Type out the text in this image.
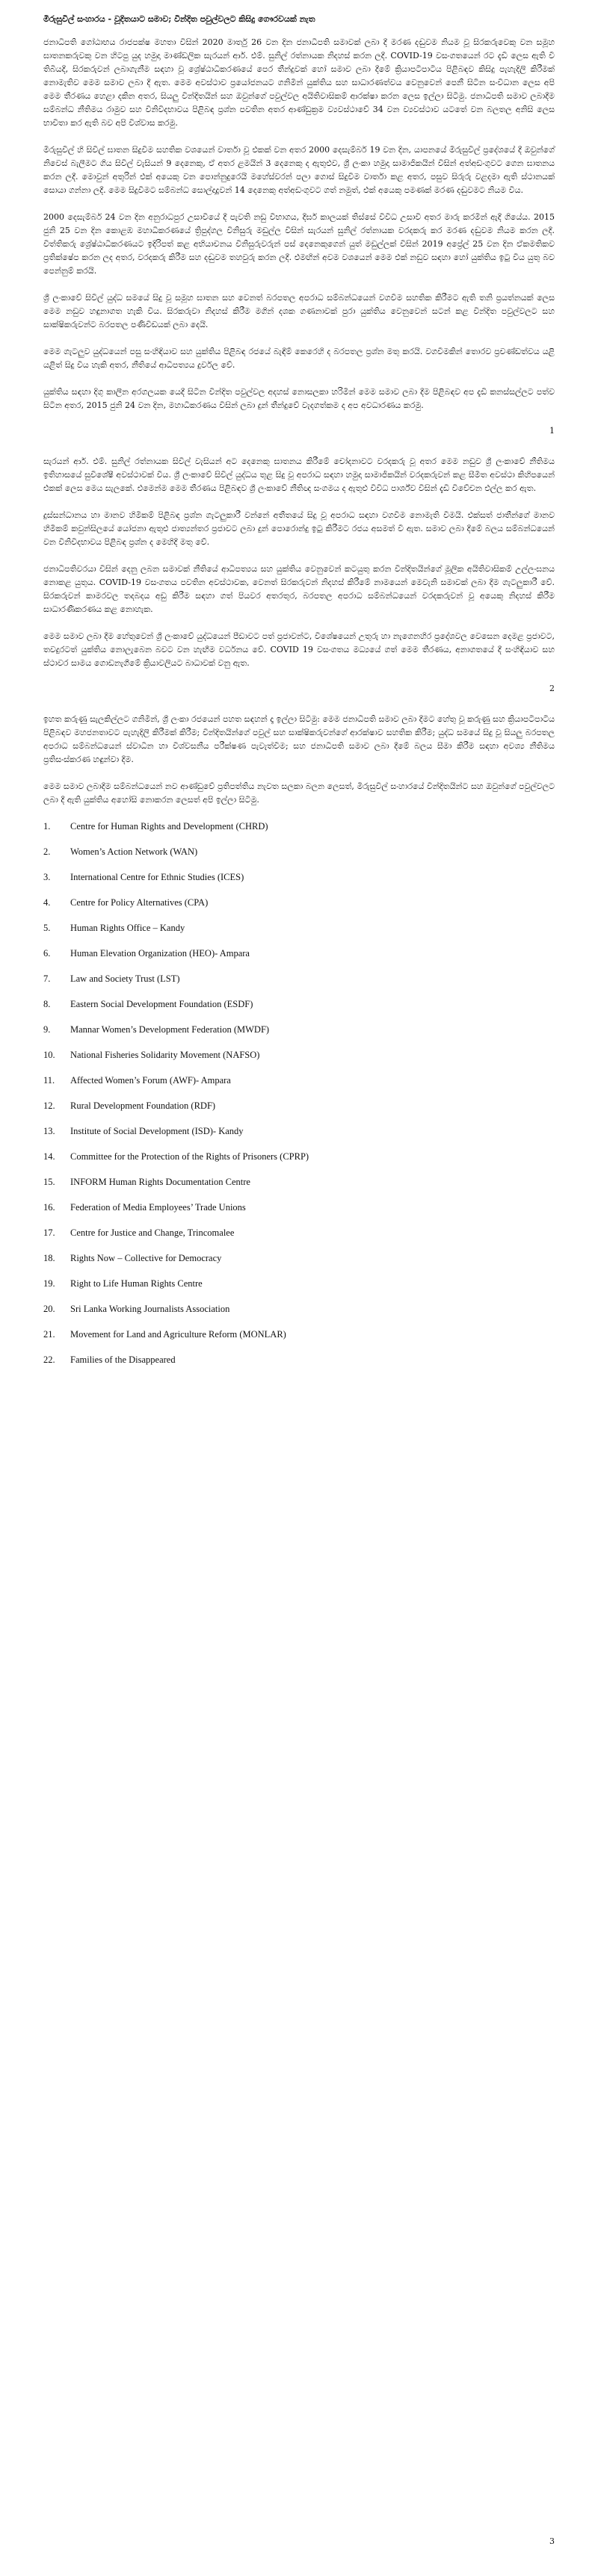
මිරුසුවිල් සංහාරය - වූදිතයාට සමාව; වින්දිත පවුල්වලට කිසිදු ගෞරවයක් නැත
ජනාධිපති ගෝඨාභය රාජපක්ෂ මහතා විසින් 2020 මාර්තු 26 වන දින ජනාධිපති සමාවක් ලබා දී මරණ දඬුවම නියම වූ සිරකරුවෙකු වන සමූහ ඝාතනකරුවකු වන හිටපු යුද හමුදා මාණ්ඩලික සැරයන් ආර්. එම්. සුනිල් රත්නායක නිදහස් කරන ලදී. COVID-19 වසංගතයෙන් රට දැඩි ලෙස ඇති වී තිබියදී, සිරකරුවන් ලබාගැනීම සඳහා වූ ශ්‍රේෂ්ඨාධිකරණයේ පෙර තීන්දුවක් හෝ සමාව ලබා දීමේ ක්‍රියාපටිපාටිය පිළිබඳව කිසිදු පැහැදිලි කිරීමක් නොමැතිව මෙම සමාව ලබා දී ඇත. මෙම අවස්ථාව ප්‍රයෝජනයට ගනිමින් යුක්තිය සහ සාධාරණත්වය වෙනුවෙන් පෙනී සිටින සංවිධාන ලෙස අපි මෙම තීරණය හෙළා දකින අතර, සියලු වින්දිතයින් සහ ඔවුන්ගේ පවුල්වල අයිතිවාසිකම් ආරක්ෂා කරන ලෙස ඉල්ලා සිටිමු. ජනාධිපති සමාව ලබාදීම සම්බන්ධ නීතිමය රාමුව සහ විනිවිදභාවය පිළිබඳ ප්‍රශ්න පවතින අතර ආණ්ඩුක්‍රම ව්‍යවස්ථාවේ 34 වන ව්‍යවස්ථාව යටතේ වන බලතල අනිසි ලෙස භාවිතා කර ඇති බව අපි විශ්වාස කරමු.
මිරුසුවිල් හි සිවිල් ඝාතන සිදුවීම සහතික වශයෙන් වාර්තා වූ එකක් වන අතර 2000 දෙසැම්බර් 19 වන දින, යාපනයේ මිරුසුවිල් ප්‍රදේශයේ දී ඔවුන්ගේ නිවෙස් බැලීමට ගිය සිවිල් වැසියන් 9 දෙනෙකු, ඒ අතර ළමයින් 3 දෙනෙකු ද ඇතුළුව, ශ්‍රී ලංකා හමුදා සාමාජිකයින් විසින් අත්අඩංගුවට ගෙන ඝාතනය කරන ලදී. මොවුන් අතුරින් එක් අයෙකු වන පොන්නුදුරෙයි මහේස්වරන් පලා ගොස් සිදුවීම වාර්තා කළ අතර, පසුව සිරුරු වළදමා ඇති ස්ථානයක් සොයා ගන්නා ලදී. මෙම සිදුවීමට සම්බන්ධ සොල්දාදුවන් 14 දෙනෙකු අත්අඩංගුවට ගත් නමුත්, එක් අයෙකු පමණක් මරණ දඬුවමට නියම විය.
2000 දෙසැම්බර් 24 වන දින අනුරාධපුර උසාවියේ දී පැවති නඩු විභාගය, දීර්ඝ කාලයක් තිස්සේ විවිධ උසාවි අතර මාරු කරමින් ඇදී ගියේය. 2015 ජුනි 25 වන දින කොළඹ මහාධිකරණයේ ත්‍රිපුද්ගල විනිසුරු මඩුල්ල විසින් සැරයන් සුනිල් රත්නායක වරදකරු කර මරණ දඬුවම නියම කරන ලදී. විත්තිකරු ශ්‍රේෂ්ඨාධිකරණයට ඉදිරිපත් කළ අභියාචනය විනිසුරුවරුන් පස් දෙනෙකුගෙන් යුත් මඩුල්ලක් විසින් 2019 අප්‍රේල් 25 වන දින ඒකමතිකව ප්‍රතික්ෂේප කරන ලද අතර, වරදකරු කිරීම සහ දඬුවම තහවුරු කරන ලදී. එමඟින් අවම වශයෙන් මෙම එක් නඩුව සඳහා හෝ යුක්තිය ඉටු විය යුතු බව පෙන්නුම් කරයි.
ශ්‍රී ලංකාවේ සිවිල් යුද්ධ සමයේ සිදු වූ සමූහ ඝාතන සහ වෙනත් බරපතල අපරාධ සම්බන්ධයෙන් වගවීම සහතික කිරීමට ඇති තනි ප්‍රයත්නයක් ලෙස මෙම නඩුව හඳුනාගත හැකි විය. සිරකරුවා නිදහස් කිරීම මගින් දශක ගණනාවක් පුරා යුක්තිය වෙනුවෙන් සටන් කළ වින්දිත පවුල්වලට සහ සාක්ෂිකරුවන්ට බරපතල පණිවිඩයක් ලබා දෙයි.
මෙම ගැටලුව යුද්ධයෙන් පසු සංහිඳියාව සහ යුක්තිය පිළිබඳ රජයේ බැඳීම් කෙරෙහි ද බරපතල ප්‍රශ්න මතු කරයි. වගවීමකින් තොරව ප්‍රචණ්ඩත්වය යළි යළිත් සිදු විය හැකි අතර, නීතියේ ආධිපත්‍යය දුර්වල වේ.
යුක්තිය සඳහා දිගු කාලීන අරගලයක යෙදී සිටින වින්දිත පවුල්වල අදහස් නොසලකා හරිමින් මෙම සමාව ලබා දීම පිළිබඳව අප දැඩි කනස්සල්ලට පත්ව සිටින අතර, 2015 ජුනි 24 වන දින, මහාධිකරණය විසින් ලබා දුන් තීන්දුවේ වැදගත්කම ද අප අවධාරණය කරමු.
1
සැරයන් ආර්. එම්. සුනිල් රත්නායක සිවිල් වැසියන් අට දෙනෙකු ඝාතනය කිරීමේ චෝදනාවට වරදකරු වූ අතර මෙම නඩුව ශ්‍රී ලංකාවේ නීතිමය ඉතිහාසයේ සුවිශේෂී අවස්ථාවක් විය. ශ්‍රී ලංකාවේ සිවිල් යුද්ධය තුළ සිදු වූ අපරාධ සඳහා හමුදා සාමාජිකයින් වරදකරුවන් කළ සීමිත අවස්ථා කිහිපයෙන් එකක් ලෙස මෙය සැලකේ. එමෙන්ම මෙම තීරණය පිළිබඳව ශ්‍රී ලංකාවේ නීතිඥ සංගමය ද ඇතුළු විවිධ පාර්ශ්ව විසින් දැඩි විවේචන එල්ල කර ඇත.
දුස්සන්ධානය හා මානව හිමිකම් පිළිබඳ ප්‍රශ්න ගැටලුකාරී වන්නේ අතීතයේ සිදු වූ අපරාධ සඳහා වගවීම නොමැති වීමයි. එක්සත් ජාතීන්ගේ මානව හිමිකම් කවුන්සිලයේ යෝජනා ඇතුළු ජාත්‍යන්තර ප්‍රජාවට ලබා දුන් පොරොන්දු ඉටු කිරීමට රජය අසමත් වී ඇත. සමාව ලබා දීමේ බලය සම්බන්ධයෙන් වන විනිවිදභාවය පිළිබඳ ප්‍රශ්න ද මෙහිදී මතු වේ.
ජනාධිපතිවරයා විසින් දෙනු ලබන සමාවක් නීතියේ ආධිපත්‍යය සහ යුක්තිය වෙනුවෙන් කටයුතු කරන වින්දිතයින්ගේ මූලික අයිතිවාසිකම් උල්ලංඝනය නොකළ යුතුය. COVID-19 වසංගතය පවතින අවස්ථාවක, වෙනත් සිරකරුවන් නිදහස් කිරීමේ නාමයෙන් මෙවැනි සමාවක් ලබා දීම ගැටලුකාරී වේ. සිරකරුවන් කාමරවල තදබදය අඩු කිරීම සඳහා ගත් පියවර අතරතුර, බරපතල අපරාධ සම්බන්ධයෙන් වරදකරුවන් වූ අයෙකු නිදහස් කිරීම සාධාරණීකරණය කළ නොහැක.
මෙම සමාව ලබා දීම හේතුවෙන් ශ්‍රී ලංකාවේ යුද්ධයෙන් පීඩාවට පත් ප්‍රජාවන්ට, විශේෂයෙන් උතුරු හා නැගෙනහිර ප්‍රදේශවල වෙසෙන දෙමළ ප්‍රජාවට, තවදුරටත් යුක්තිය නොලැබෙන බවට වන හැඟීම වර්ධනය වේ. COVID 19 වසංගතය මධ්‍යයේ ගත් මෙම තීරණය, අනාගතයේ දී සංහිඳියාව සහ ස්ථාවර සාමය ගොඩනැගීමේ ක්‍රියාවලියට බාධාවක් වනු ඇත.
2
ඉහත කරුණු සැලකිල්ලට ගනිමින්, ශ්‍රී ලංකා රජයෙන් පහත සඳහන් දෑ ඉල්ලා සිටිමු: මෙම ජනාධිපති සමාව ලබා දීමට හේතු වූ කරුණු සහ ක්‍රියාපටිපාටිය පිළිබඳව මහජනතාවට පැහැදිලි කිරීමක් කිරීම; වින්දිතයින්ගේ පවුල් සහ සාක්ෂිකරුවන්ගේ ආරක්ෂාව සහතික කිරීම; යුද්ධ සමයේ සිදු වූ සියලු බරපතල අපරාධ සම්බන්ධයෙන් ස්වාධීන හා විශ්වසනීය පරීක්ෂණ පැවැත්වීම; සහ ජනාධිපති සමාව ලබා දීමේ බලය සීමා කිරීම සඳහා අවශ්‍ය නීතිමය ප්‍රතිසංස්කරණ හඳුන්වා දීම.
මෙම සමාව ලබාදීම සම්බන්ධයෙන් නව ආණ්ඩුවේ ප්‍රතිපත්තිය නැවත සලකා බලන ලෙසත්, මිරුසුවිල් සංහාරයේ වින්දිතයින්ට සහ ඔවුන්ගේ පවුල්වලට ලබා දී ඇති යුක්තිය අහෝසි නොකරන ලෙසත් අපි ඉල්ලා සිටිමු.
1. Centre for Human Rights and Development (CHRD)
2. Women’s Action Network (WAN)
3. International Centre for Ethnic Studies (ICES)
4. Centre for Policy Alternatives (CPA)
5. Human Rights Office – Kandy
6. Human Elevation Organization (HEO)- Ampara
7. Law and Society Trust (LST)
8. Eastern Social Development Foundation (ESDF)
9. Mannar Women’s Development Federation (MWDF)
10. National Fisheries Solidarity Movement (NAFSO)
11. Affected Women’s Forum (AWF)- Ampara
12. Rural Development Foundation (RDF)
13. Institute of Social Development (ISD)- Kandy
14. Committee for the Protection of the Rights of Prisoners (CPRP)
15. INFORM Human Rights Documentation Centre
16. Federation of Media Employees’ Trade Unions
17. Centre for Justice and Change, Trincomalee
18. Rights Now – Collective for Democracy
19. Right to Life Human Rights Centre
20. Sri Lanka Working Journalists Association
21. Movement for Land and Agriculture Reform (MONLAR)
22. Families of the Disappeared
3
